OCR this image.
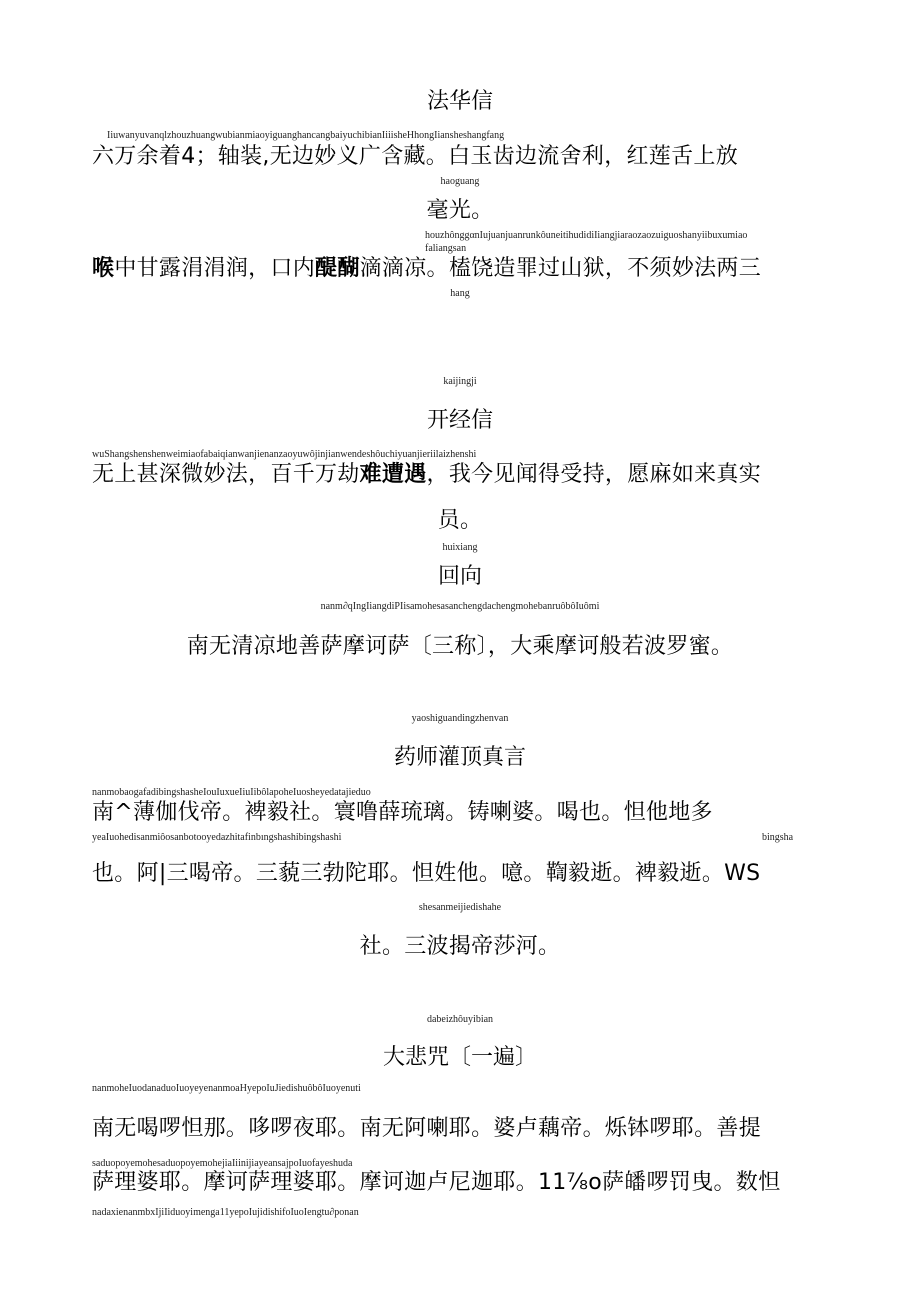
法华信
IiuwanyuvanqlzhouzhuangwubianmiaoyiguanghancangbaiyuchibianIiiisheHhongIiansheshangfang
六万余着4；轴装,无边妙义广含藏。白玉齿边流舍利，红莲舌上放
haoguang
毫光。
houzhônggαnIujuanjuanrunkôuneitihudidiIiangjiaraozaozuiguoshanyiibuxumiao
faliangsan
喉中甘露涓涓润，口内醍醐滴滴凉。榼饶造罪过山狱，不须妙法两三
hang
kaijingji
开经信
wuShangshenshenweimiaofabaiqianwanjienanzaoyuwôjinjianwendeshôuchiyuanjieriilaizhenshi
无上甚深微妙法，百千万劫难遭遇，我今见闻得受持，愿麻如来真实
员。
huixiang
回向
nanm∂qIngIiangdiPIisamohesasanchengdachengmohebanruôbôIuômi
南无清凉地善萨摩诃萨〔三称〕，大乘摩诃般若波罗蜜。
yaoshiguandingzhenvan
药师灌顶真言
nanmobaogafadibingshasheIouIuxueIiuIibôlapoheIuosheyedatajieduo
南^薄伽伐帝。裨毅社。寰噜薛琉璃。铸喇婆。喝也。怛他地多
yeaIuohedisanmiôosanbotooyedazhitafinbıngshashibingshashi	bingsha
也。阿|三喝帝。三藐三勃陀耶。怛姓他。噫。鞫毅逝。裨毅逝。WS
shesanmeijiedishahe
社。三波揭帝莎河。
dabeizhôuyibian
大悲咒〔一遍〕
nanmoheIuodanaduoIuoyeyenanmoaHyepoIuJiedishuôbôIuoyenuti
南无喝啰怛那。哆啰夜耶。南无阿喇耶。婆卢藕帝。烁钵啰耶。善提
saduopoyemohesaduopoyemohejiaIiinijiayeansajpoIuofayeshuda
萨理婆耶。摩诃萨理婆耶。摩诃迦卢尼迦耶。11⅞o萨皤啰罚曳。数怛
nadaxienanmbxIjiIiduoyimenga11yepoIujidishifoIuoIengtu∂ponan
